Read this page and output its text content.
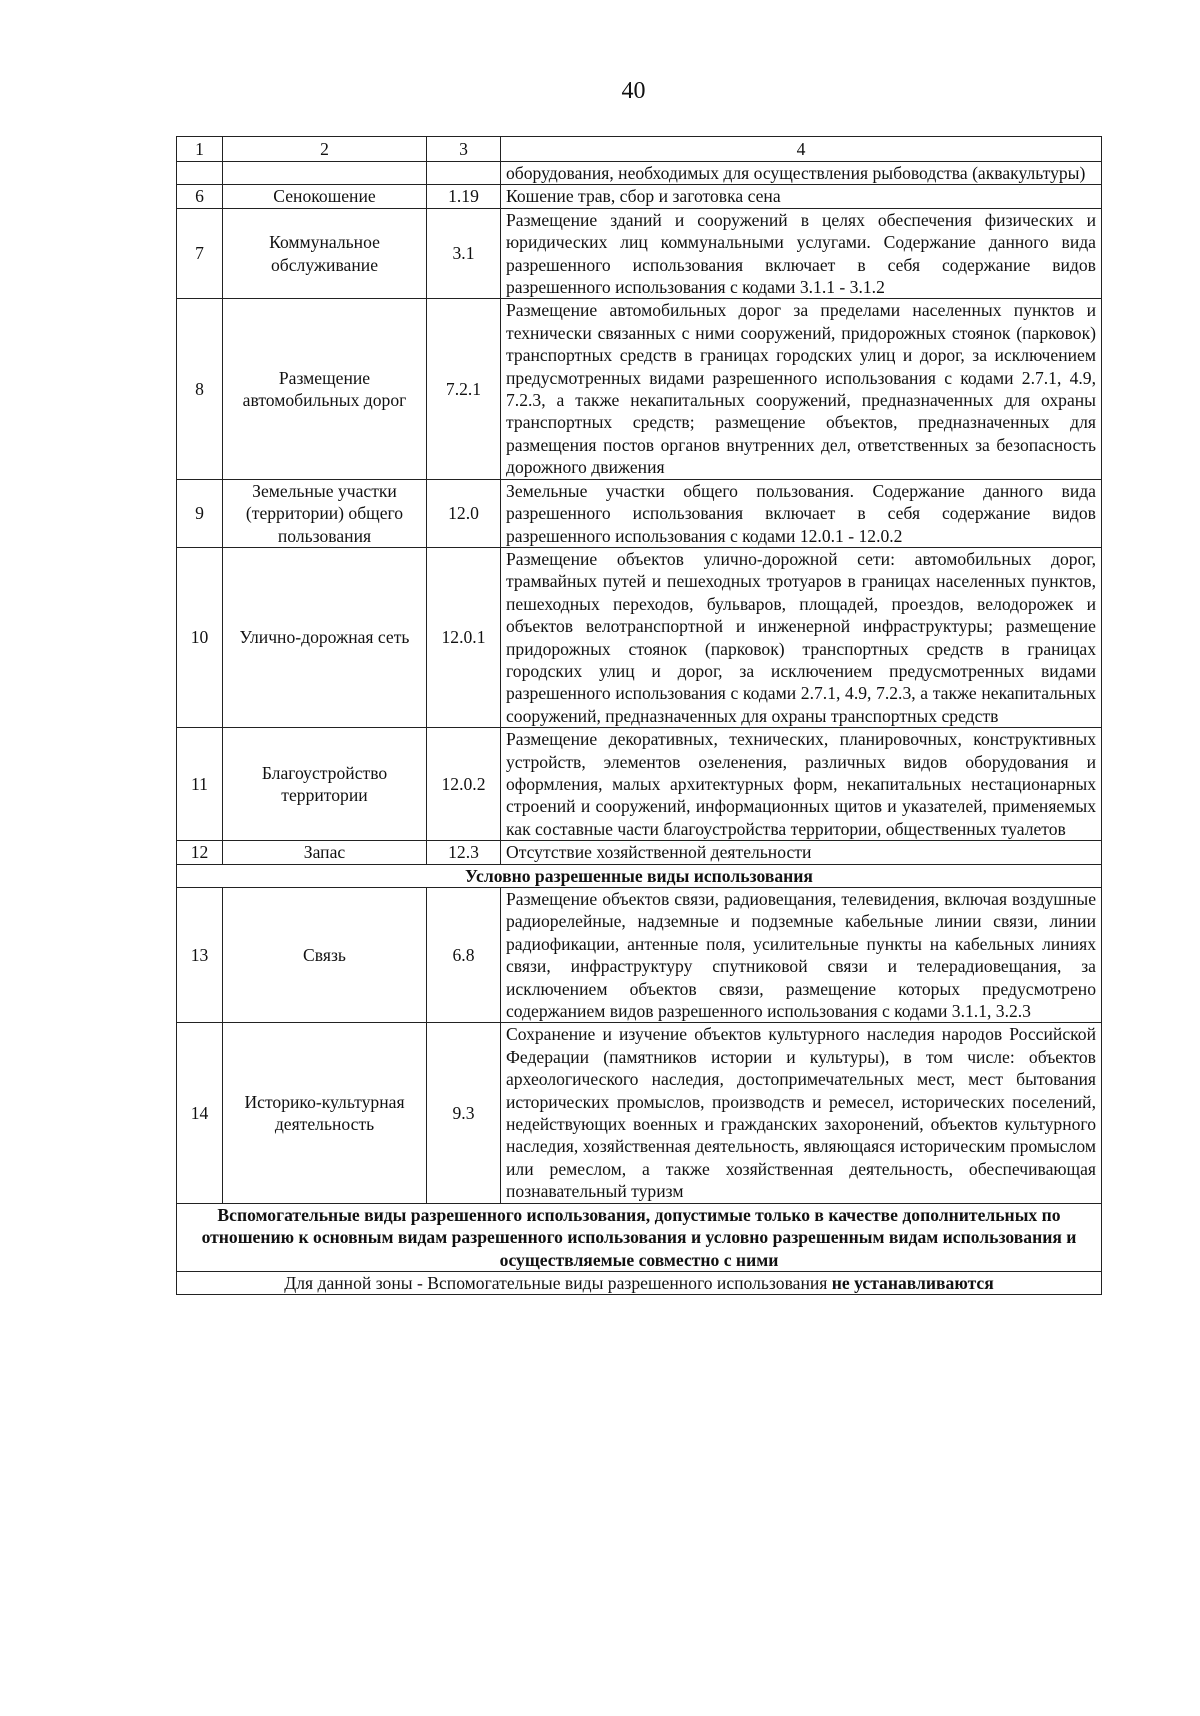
40
1	2	3	4
			оборудования, необходимых для осуществления рыбоводства (аквакультуры)
6	Сенокошение	1.19	Кошение трав, сбор и заготовка сена
7	Коммунальное обслуживание	3.1	Размещение зданий и сооружений в целях обеспечения физических и юридических лиц коммунальными услугами. Содержание данного вида разрешенного использования включает в себя содержание видов разрешенного использования с кодами 3.1.1 - 3.1.2
8	Размещение автомобильных дорог	7.2.1	Размещение автомобильных дорог за пределами населенных пунктов и технически связанных с ними сооружений, придорожных стоянок (парковок) транспортных средств в границах городских улиц и дорог, за исключением предусмотренных видами разрешенного использования с кодами 2.7.1, 4.9, 7.2.3, а также некапитальных сооружений, предназначенных для охраны транспортных средств; размещение объектов, предназначенных для размещения постов органов внутренних дел, ответственных за безопасность дорожного движения
9	Земельные участки (территории) общего пользования	12.0	Земельные участки общего пользования. Содержание данного вида разрешенного использования включает в себя содержание видов разрешенного использования с кодами 12.0.1 - 12.0.2
10	Улично-дорожная сеть	12.0.1	Размещение объектов улично-дорожной сети: автомобильных дорог, трамвайных путей и пешеходных тротуаров в границах населенных пунктов, пешеходных переходов, бульваров, площадей, проездов, велодорожек и объектов велотранспортной и инженерной инфраструктуры; размещение придорожных стоянок (парковок) транспортных средств в границах городских улиц и дорог, за исключением предусмотренных видами разрешенного использования с кодами 2.7.1, 4.9, 7.2.3, а также некапитальных сооружений, предназначенных для охраны транспортных средств
11	Благоустройство территории	12.0.2	Размещение декоративных, технических, планировочных, конструктивных устройств, элементов озеленения, различных видов оборудования и оформления, малых архитектурных форм, некапитальных нестационарных строений и сооружений, информационных щитов и указателей, применяемых как составные части благоустройства территории, общественных туалетов
12	Запас	12.3	Отсутствие хозяйственной деятельности
Условно разрешенные виды использования			
13	Связь	6.8	Размещение объектов связи, радиовещания, телевидения, включая воздушные радиорелейные, надземные и подземные кабельные линии связи, линии радиофикации, антенные поля, усилительные пункты на кабельных линиях связи, инфраструктуру спутниковой связи и телерадиовещания, за исключением объектов связи, размещение которых предусмотрено содержанием видов разрешенного использования с кодами 3.1.1, 3.2.3
14	Историко-культурная деятельность	9.3	Сохранение и изучение объектов культурного наследия народов Российской Федерации (памятников истории и культуры), в том числе: объектов археологического наследия, достопримечательных мест, мест бытования исторических промыслов, производств и ремесел, исторических поселений, недействующих военных и гражданских захоронений, объектов культурного наследия, хозяйственная деятельность, являющаяся историческим промыслом или ремеслом, а также хозяйственная деятельность, обеспечивающая познавательный туризм
Вспомогательные виды разрешенного использования, допустимые только в качестве дополнительных по отношению к основным видам разрешенного использования и условно разрешенным видам использования и осуществляемые совместно с ними			
Для данной зоны - Вспомогательные виды разрешенного использования не устанавливаются			
